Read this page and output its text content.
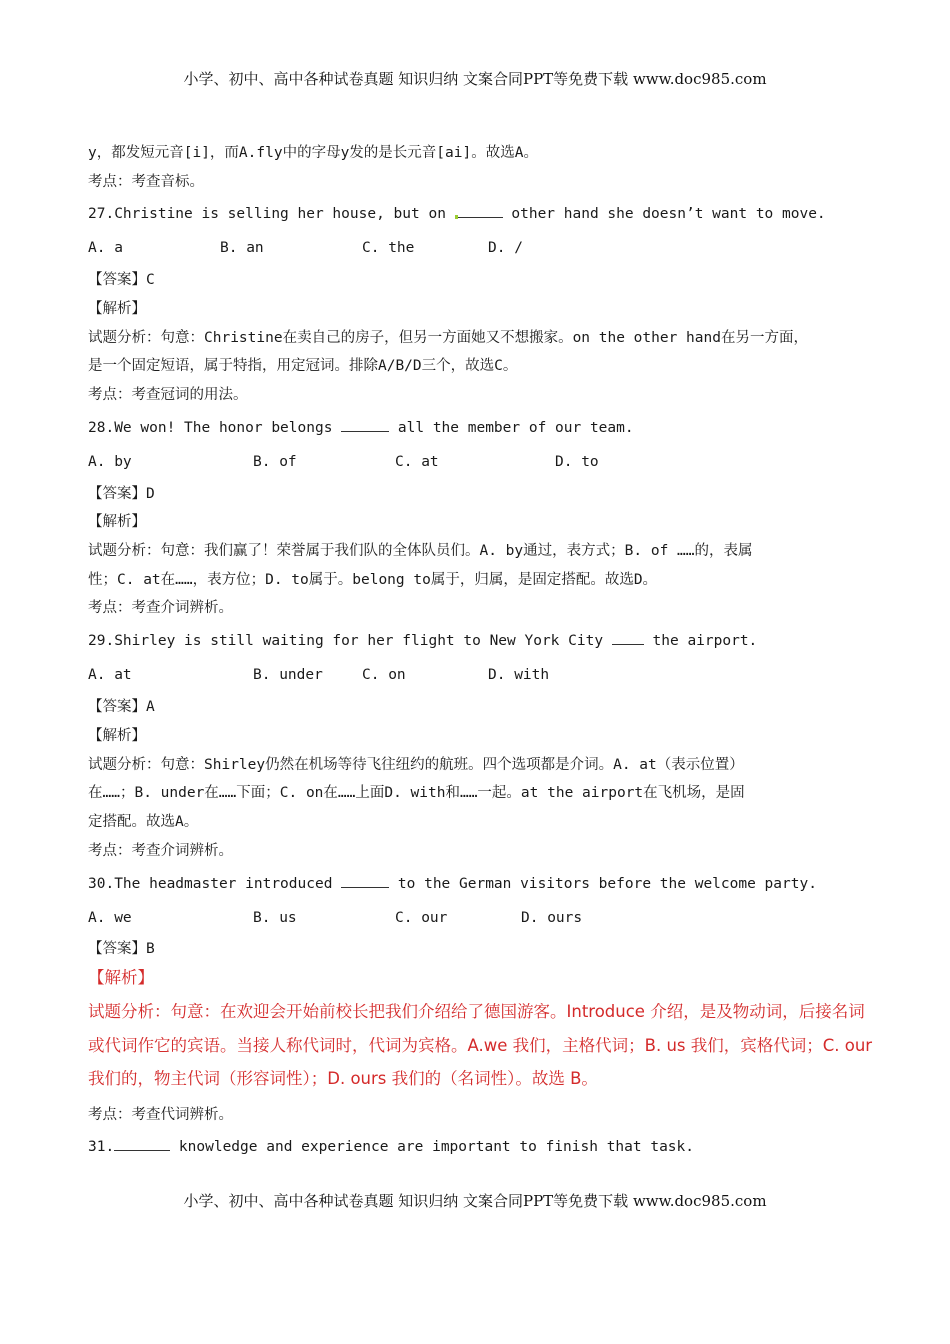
小学、初中、高中各种试卷真题 知识归纳 文案合同PPT等免费下载 www.doc985.com
y，都发短元音[i]，而A.fly中的字母y发的是长元音[ai]。故选A。
考点：考查音标。
27.Christine is selling her house, but on	other hand she doesn’t want to move.
A. a	B. an	C. the	D. /
【答案】C
【解析】
试题分析：句意：Christine在卖自己的房子，但另一方面她又不想搬家。on the other hand在另一方面，
是一个固定短语，属于特指，用定冠词。排除A/B/D三个，故选C。
考点：考查冠词的用法。
28.We won! The honor belongs	all the member of our team.
A. by	B. of	C. at	D. to
【答案】D
【解析】
试题分析：句意：我们赢了！荣誉属于我们队的全体队员们。A. by通过，表方式；B. of ……的，表属
性；C. at在……，表方位；D. to属于。belong to属于，归属，是固定搭配。故选D。
考点：考查介词辨析。
29.Shirley is still waiting for her flight to New York City  the airport.
A. at	B. under	C. on	D. with
【答案】A
【解析】
试题分析：句意：Shirley仍然在机场等待飞往纽约的航班。四个选项都是介词。A. at（表示位置）
在……；B. under在……下面；C. on在……上面D. with和……一起。at the airport在飞机场，是固
定搭配。故选A。
考点：考查介词辨析。
30.The headmaster introduced	to the German visitors before the welcome party.
A. we	B. us	C. our	D. ours
【答案】B
【解析】
试题分析：句意：在欢迎会开始前校长把我们介绍给了德国游客。Introduce 介绍，是及物动词，后接名词
或代词作它的宾语。当接人称代词时，代词为宾格。A.we 我们，主格代词；B. us 我们，宾格代词；C. our
我们的，物主代词（形容词性）；D. ours 我们的（名词性）。故选 B。
考点：考查代词辨析。
31.	knowledge and experience are important to finish that task.
小学、初中、高中各种试卷真题 知识归纳 文案合同PPT等免费下载 www.doc985.com
